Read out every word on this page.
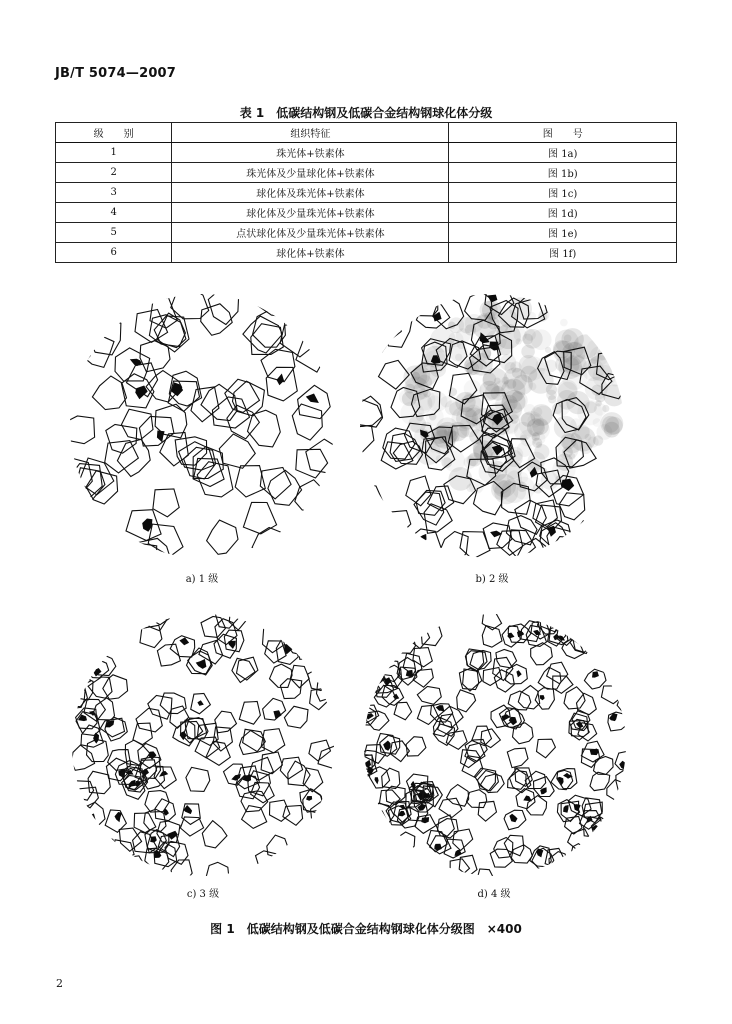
JB/T 5074—2007
表 1　低碳结构钢及低碳合金结构钢球化体分级
级　　别	组织特征	图　　号
1	珠光体+铁素体	图 1a)
2	珠光体及少量球化体+铁素体	图 1b)
3	球化体及珠光体+铁素体	图 1c)
4	球化体及少量珠光体+铁素体	图 1d)
5	点状球化体及少量珠光体+铁素体	图 1e)
6	球化体+铁素体	图 1f)
a) 1 级	b) 2 级
c) 3 级	d) 4 级
图 1　低碳结构钢及低碳合金结构钢球化体分级图　×400
2
